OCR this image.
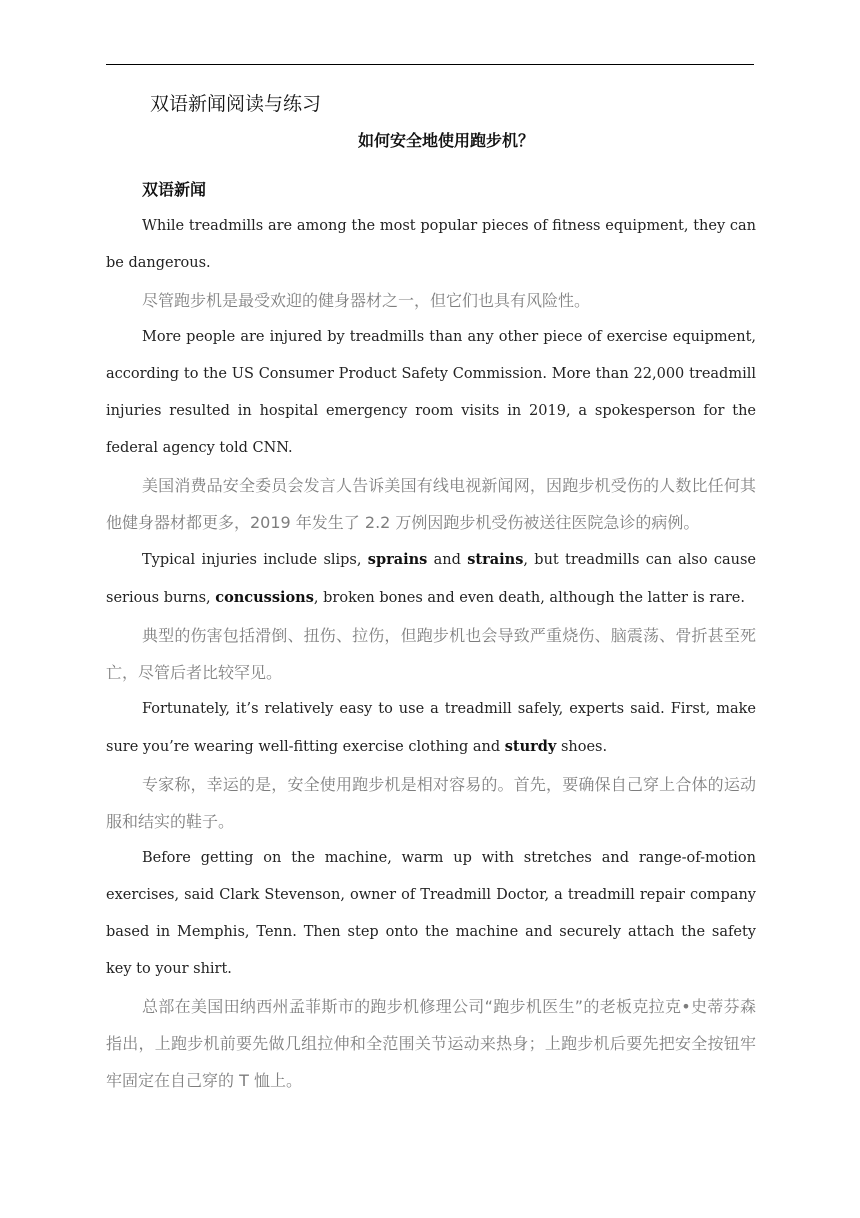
双语新闻阅读与练习
如何安全地使用跑步机？
双语新闻

While treadmills are among the most popular pieces of fitness equipment, they can be dangerous.

尽管跑步机是最受欢迎的健身器材之一，但它们也具有风险性。

More people are injured by treadmills than any other piece of exercise equipment, according to the US Consumer Product Safety Commission. More than 22,000 treadmill injuries resulted in hospital emergency room visits in 2019, a spokesperson for the federal agency told CNN.

美国消费品安全委员会发言人告诉美国有线电视新闻网，因跑步机受伤的人数比任何其他健身器材都更多，2019 年发生了 2.2 万例因跑步机受伤被送往医院急诊的病例。

Typical injuries include slips, sprains and strains, but treadmills can also cause serious burns, concussions, broken bones and even death, although the latter is rare.

典型的伤害包括滑倒、扭伤、拉伤，但跑步机也会导致严重烧伤、脑震荡、骨折甚至死亡，尽管后者比较罕见。

Fortunately, it’s relatively easy to use a treadmill safely, experts said. First, make sure you’re wearing well-fitting exercise clothing and sturdy shoes.

专家称，幸运的是，安全使用跑步机是相对容易的。首先，要确保自己穿上合体的运动服和结实的鞋子。

Before getting on the machine, warm up with stretches and range-of-motion exercises, said Clark Stevenson, owner of Treadmill Doctor, a treadmill repair company based in Memphis, Tenn. Then step onto the machine and securely attach the safety key to your shirt.

总部在美国田纳西州孟菲斯市的跑步机修理公司“跑步机医生”的老板克拉克•史蒂芬森指出，上跑步机前要先做几组拉伸和全范围关节运动来热身；上跑步机后要先把安全按钮牢牢固定在自己穿的 T 恤上。
